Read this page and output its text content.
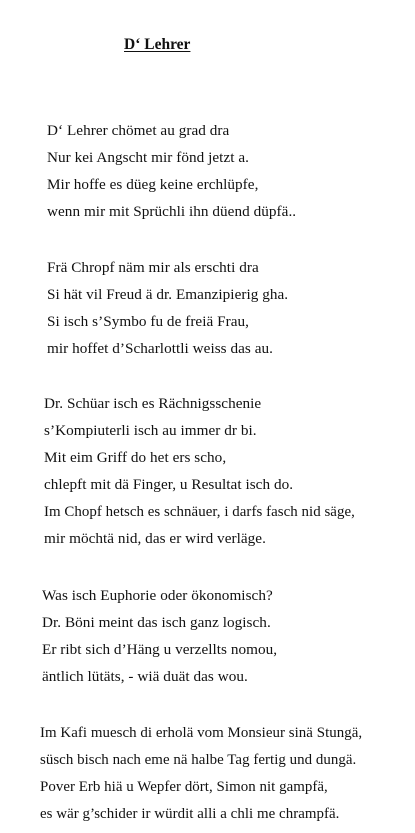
D‘ Lehrer
D‘ Lehrer chömet au grad dra
Nur kei Angscht mir fönd jetzt a.
Mir hoffe es düeg keine erchlüpfe,
wenn mir mit Sprüchli ihn düend düpfä..
Frä Chropf näm mir als erschti dra
Si hät vil Freud ä dr. Emanzipierig gha.
Si isch s’Symbo fu de freiä Frau,
mir hoffet d’Scharlottli weiss das au.
Dr. Schüar isch es Rächnigsschenie
s’Kompiuterli isch au immer dr bi.
Mit eim Griff do het ers scho,
chlepft mit dä Finger, u Resultat isch do.
Im Chopf hetsch es schnäuer, i darfs fasch nid säge,
mir möchtä nid, das er wird verläge.
Was isch Euphorie oder ökonomisch?
Dr. Böni meint das isch ganz logisch.
Er ribt sich d’Häng u verzellts nomou,
äntlich lütäts, - wiä duät das wou.
Im Kafi muesch di erholä vom Monsieur sinä Stungä,
süsch bisch nach eme nä halbe Tag fertig und dungä.
Pover Erb hiä u Wepfer dört, Simon nit gampfä,
es wär g’schider ir würdit alli a chli me chrampfä.
